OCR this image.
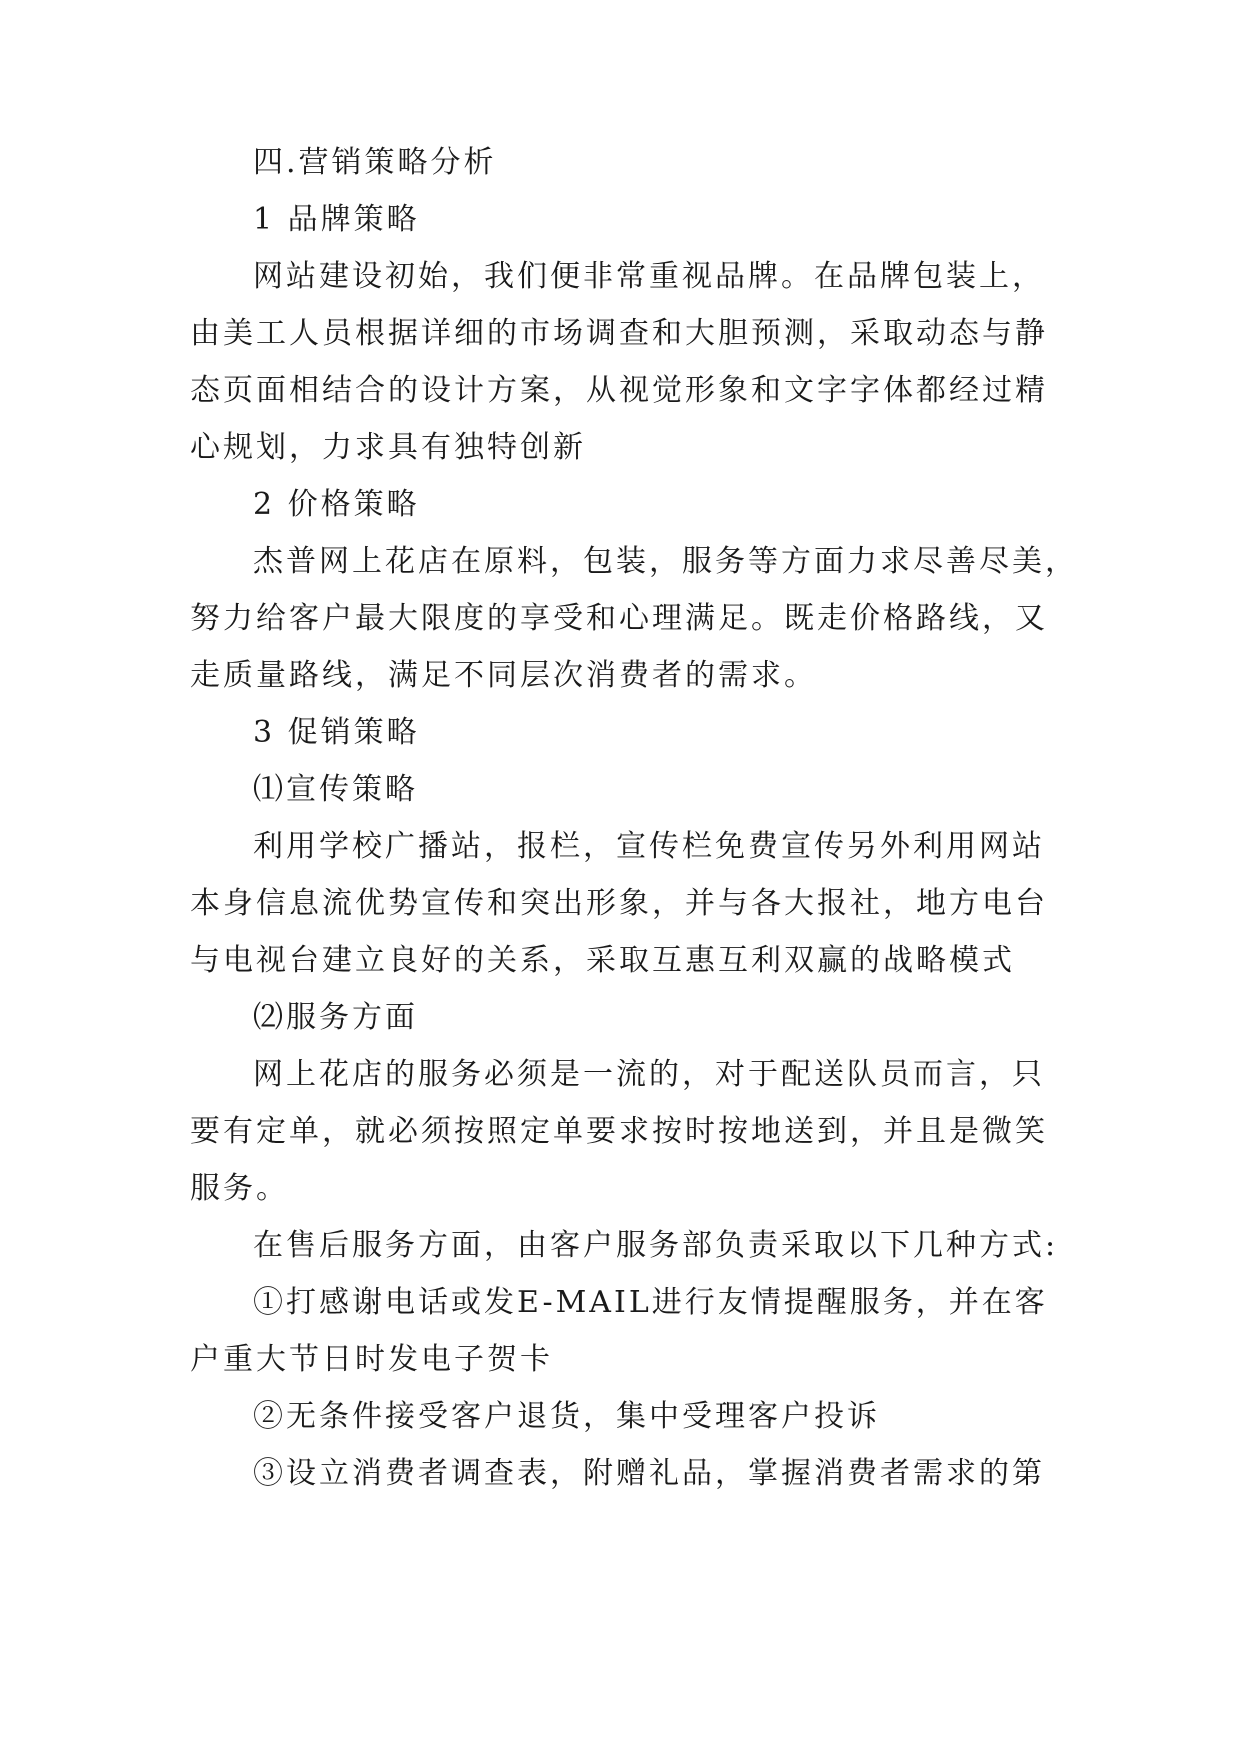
四.营销策略分析

1 品牌策略

网站建设初始，我们便非常重视品牌。在品牌包装上，

由美工人员根据详细的市场调查和大胆预测，采取动态与静

态页面相结合的设计方案，从视觉形象和文字字体都经过精

心规划，力求具有独特创新

2 价格策略

杰普网上花店在原料，包装，服务等方面力求尽善尽美，

努力给客户最大限度的享受和心理满足。既走价格路线，又

走质量路线，满足不同层次消费者的需求。

3 促销策略

⑴宣传策略

利用学校广播站，报栏，宣传栏免费宣传另外利用网站

本身信息流优势宣传和突出形象，并与各大报社，地方电台

与电视台建立良好的关系，采取互惠互利双赢的战略模式

⑵服务方面

网上花店的服务必须是一流的，对于配送队员而言，只

要有定单，就必须按照定单要求按时按地送到，并且是微笑

服务。

在售后服务方面，由客户服务部负责采取以下几种方式:

①打感谢电话或发E-MAIL进行友情提醒服务，并在客

户重大节日时发电子贺卡

②无条件接受客户退货，集中受理客户投诉

③设立消费者调查表，附赠礼品，掌握消费者需求的第
